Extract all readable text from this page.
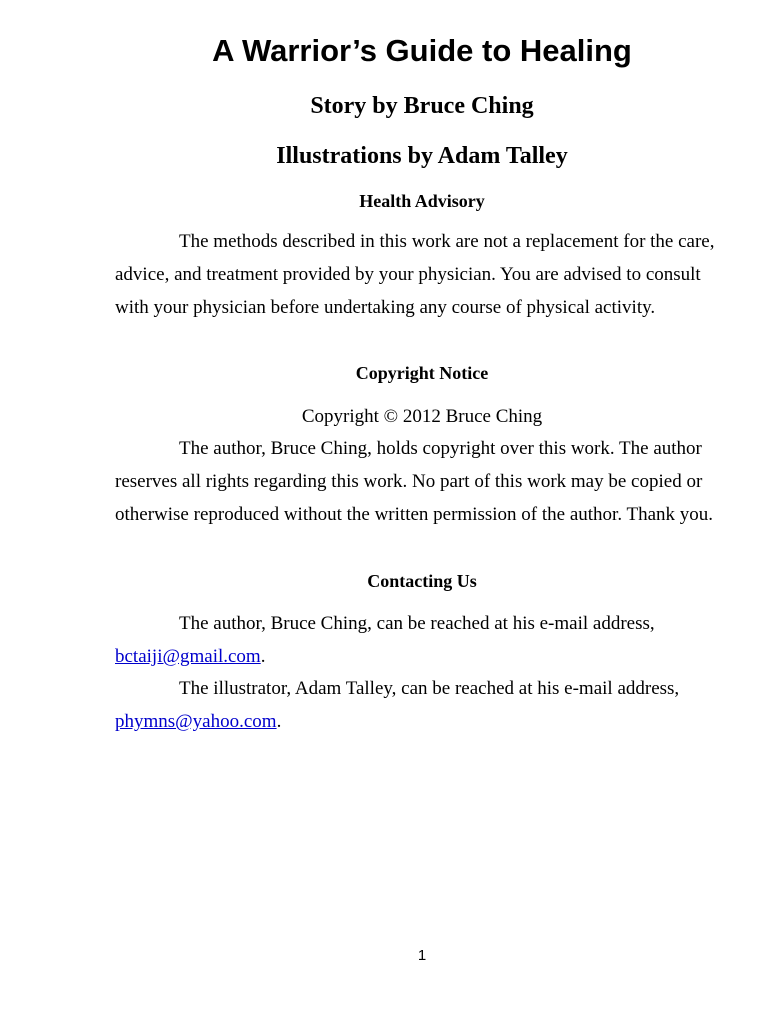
A Warrior’s Guide to Healing

Story by Bruce Ching

Illustrations by Adam Talley

Health Advisory

The methods described in this work are not a replacement for the care, advice, and treatment provided by your physician. You are advised to consult with your physician before undertaking any course of physical activity.

Copyright Notice

Copyright © 2012 Bruce Ching

The author, Bruce Ching, holds copyright over this work. The author reserves all rights regarding this work. No part of this work may be copied or otherwise reproduced without the written permission of the author. Thank you.

Contacting Us

The author, Bruce Ching, can be reached at his e-mail address, bctaiji@gmail.com.

The illustrator, Adam Talley, can be reached at his e-mail address, phymns@yahoo.com.

1
